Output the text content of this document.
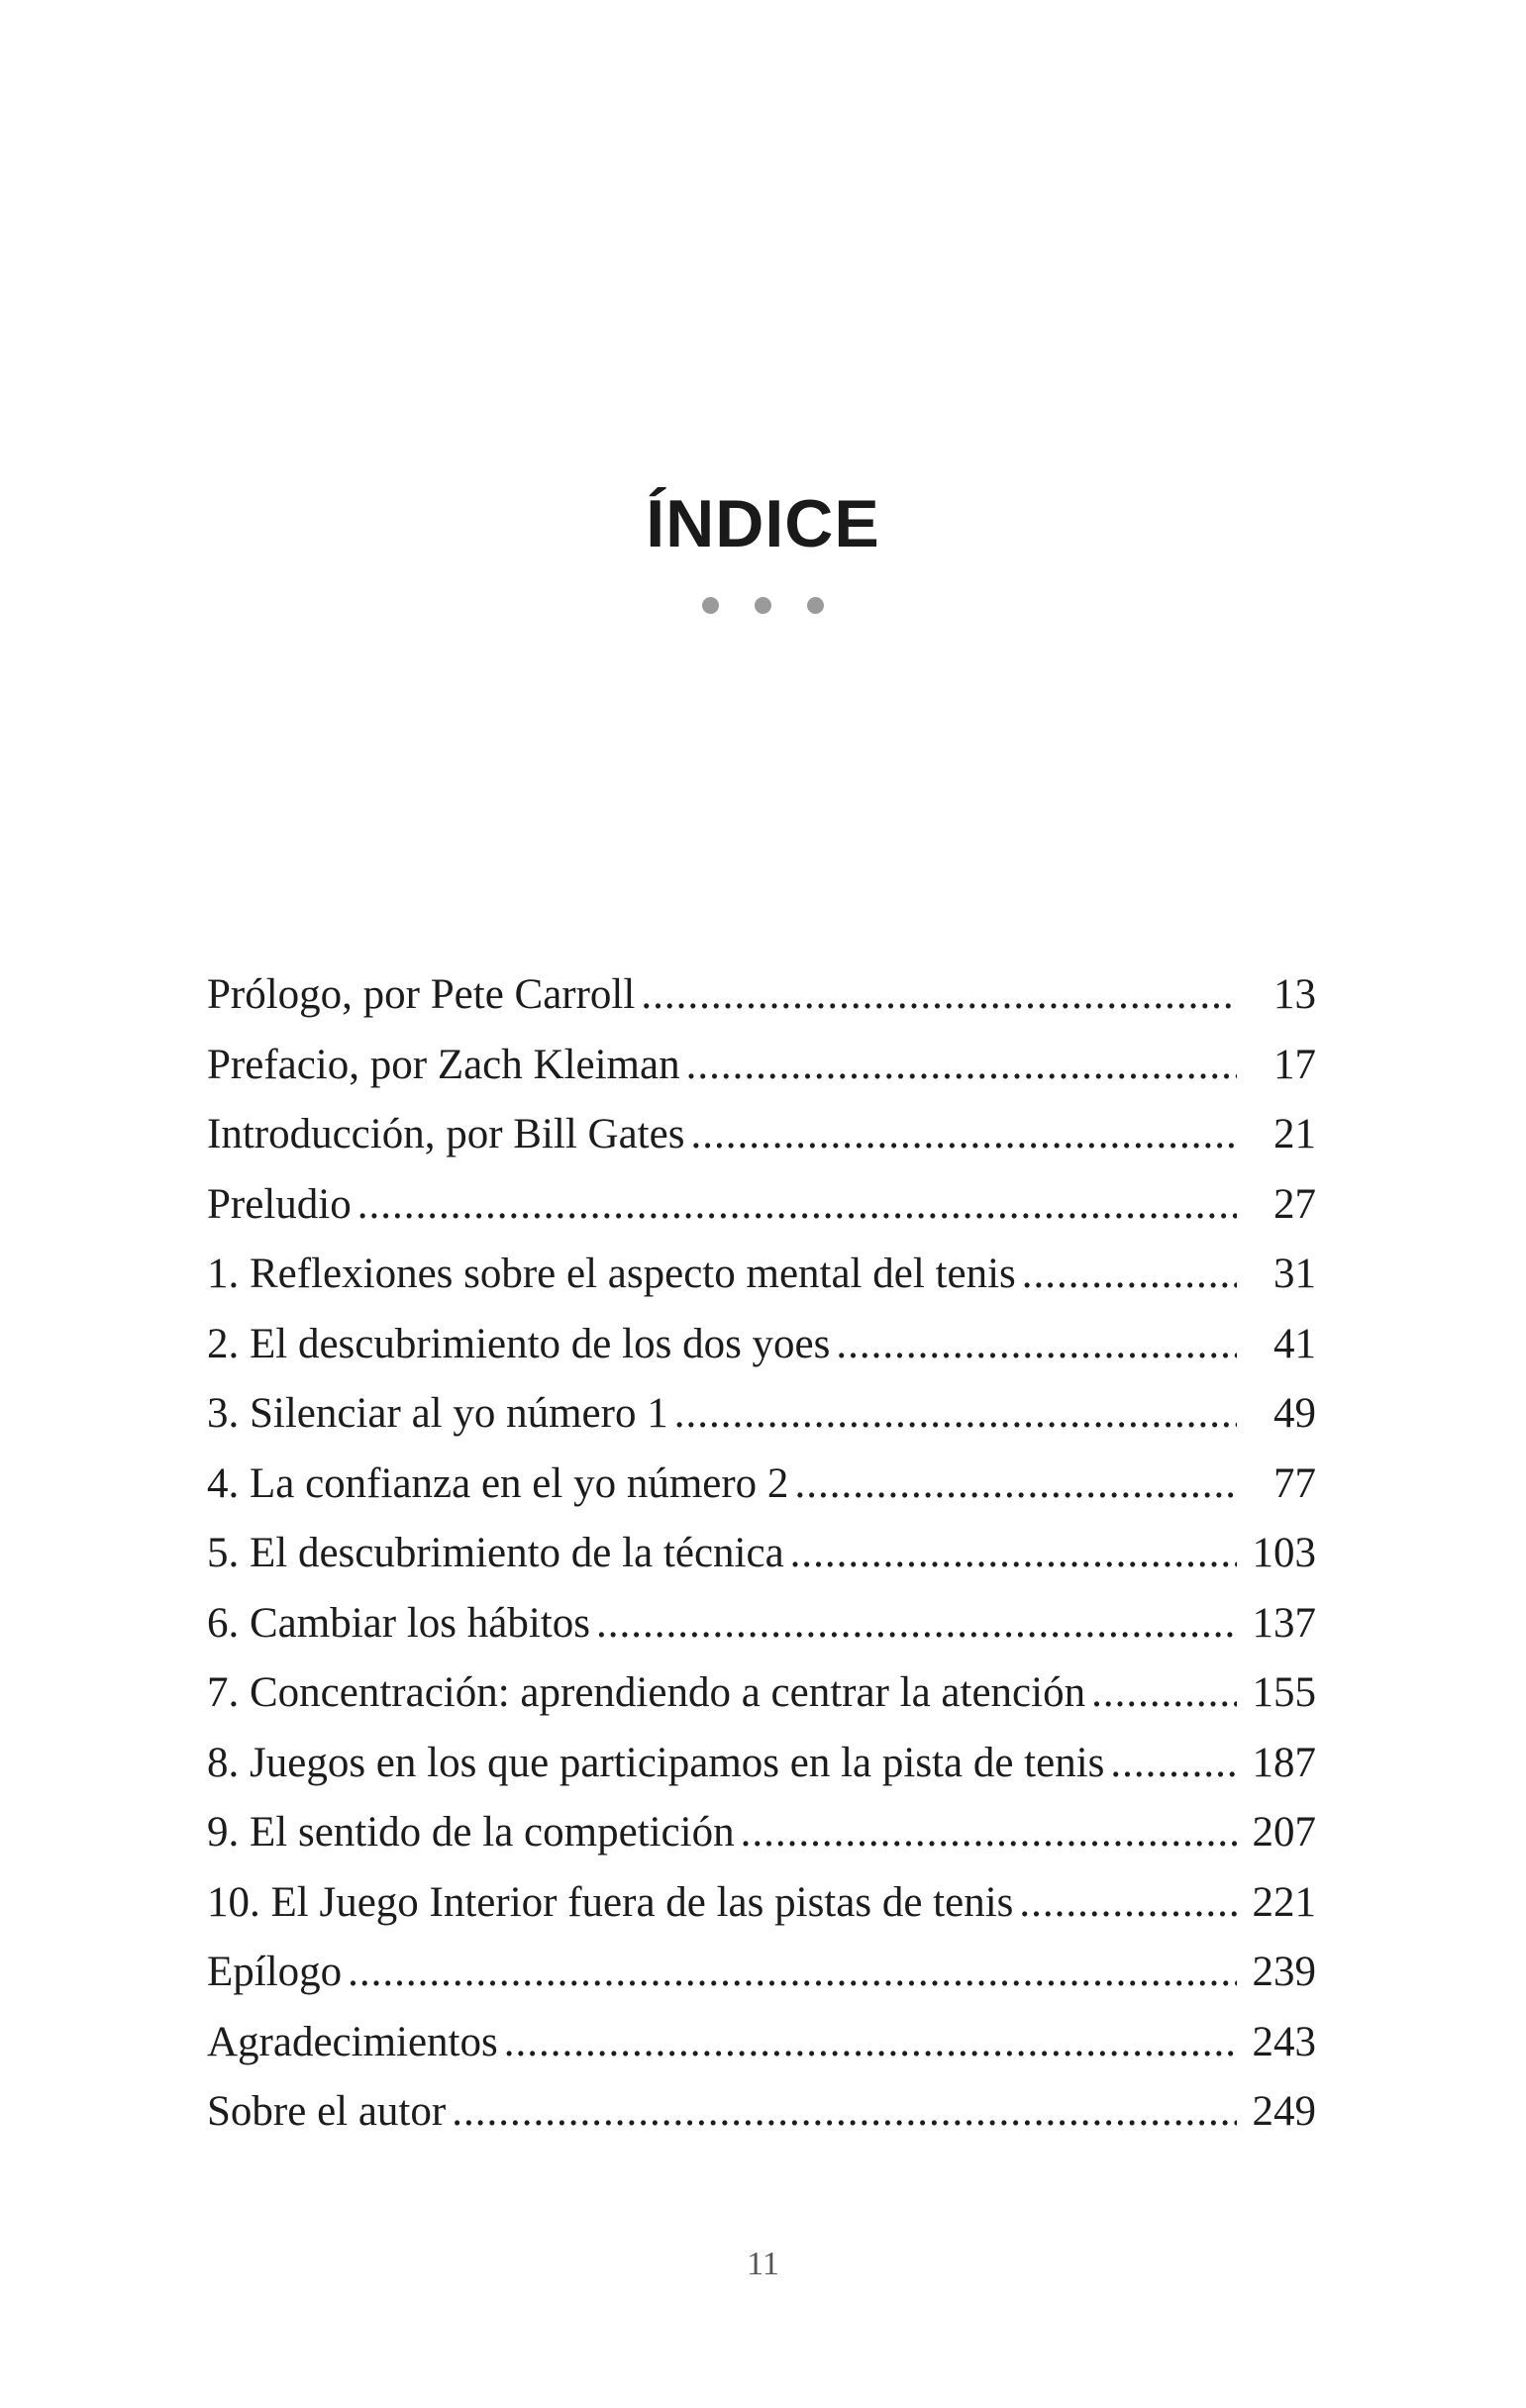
ÍNDICE
Prólogo, por Pete Carroll .....	13
Prefacio, por Zach Kleiman .....	17
Introducción, por Bill Gates .....	21
Preludio .....	27
1. Reflexiones sobre el aspecto mental del tenis .....	31
2. El descubrimiento de los dos yoes .....	41
3. Silenciar al yo número 1 .....	49
4. La confianza en el yo número 2 .....	77
5. El descubrimiento de la técnica .....	103
6. Cambiar los hábitos .....	137
7. Concentración: aprendiendo a centrar la atención .....	155
8. Juegos en los que participamos en la pista de tenis .....	187
9. El sentido de la competición .....	207
10. El Juego Interior fuera de las pistas de tenis .....	221
Epílogo .....	239
Agradecimientos .....	243
Sobre el autor .....	249
11
